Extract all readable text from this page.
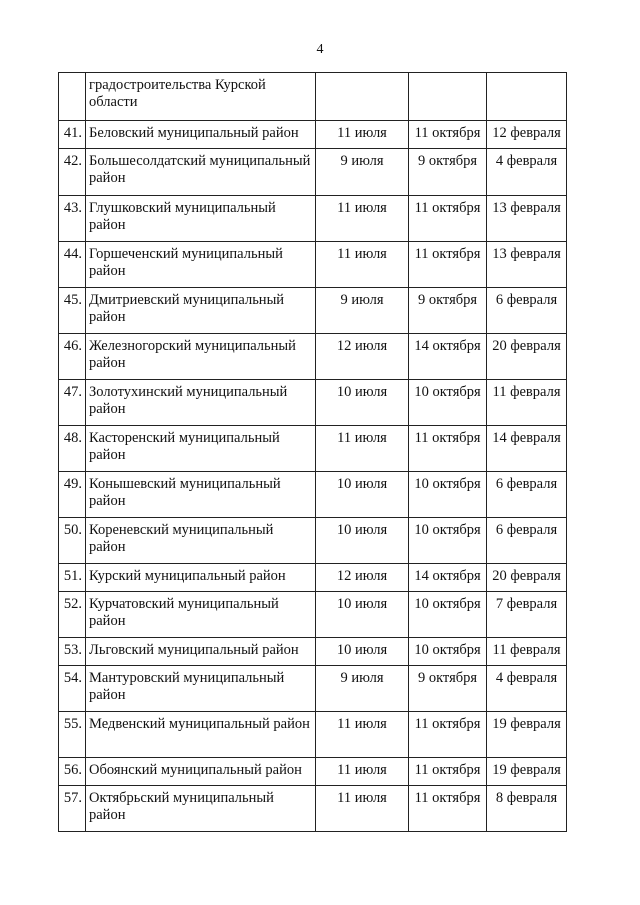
4
	градостроительства Курской области			
41.	Беловский муниципальный район	11 июля	11 октября	12 февраля
42.	Большесолдатский муниципальный район	9 июля	9 октября	4 февраля
43.	Глушковский муниципальный район	11 июля	11 октября	13 февраля
44.	Горшеченский муниципальный район	11 июля	11 октября	13 февраля
45.	Дмитриевский муниципальный район	9 июля	9 октября	6 февраля
46.	Железногорский муниципальный район	12 июля	14 октября	20 февраля
47.	Золотухинский муниципальный район	10 июля	10 октября	11 февраля
48.	Касторенский муниципальный район	11 июля	11 октября	14 февраля
49.	Конышевский муниципальный район	10 июля	10 октября	6 февраля
50.	Кореневский муниципальный район	10 июля	10 октября	6 февраля
51.	Курский муниципальный район	12 июля	14 октября	20 февраля
52.	Курчатовский муниципальный район	10 июля	10 октября	7 февраля
53.	Льговский муниципальный район	10 июля	10 октября	11 февраля
54.	Мантуровский муниципальный район	9 июля	9 октября	4 февраля
55.	Медвенский муниципальный район	11 июля	11 октября	19 февраля
56.	Обоянский муниципальный район	11 июля	11 октября	19 февраля
57.	Октябрьский муниципальный район	11 июля	11 октября	8 февраля
